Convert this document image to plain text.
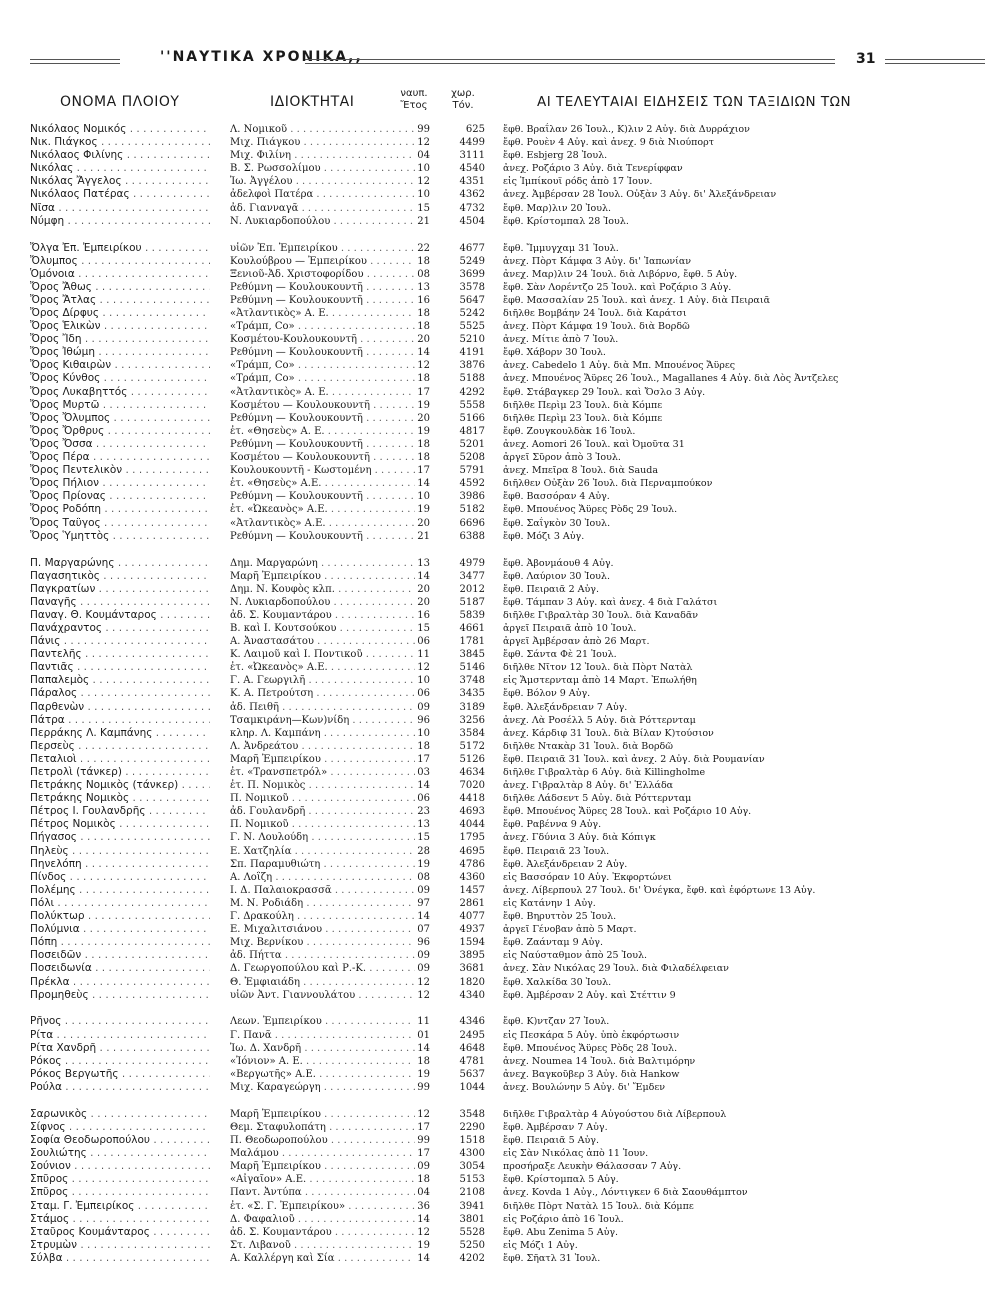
''ΝΑΥΤΙΚΑ ΧΡΟΝΙΚΑ,,	31
ΟΝΟΜΑ ΠΛΟΙΟΥ	ΙΔΙΟΚΤΗΤΑΙ
ναυπ.
Ἔτος
χωρ.
Τόν.	ΑΙ ΤΕΛΕΥΤΑΙΑΙ ΕΙΔΗΣΕΙΣ ΤΩΝ ΤΑΞΙΔΙΩΝ ΤΩΝ
Νικόλαος Νομικός . . .	Λ. Νομικοῦ . . .	99	625 ἔφθ. Βραΐλαν 26 Ἰουλ., Κ)λιν 2 Αὐγ. διὰ Δυρράχιον
Νικ. Πιάγκος . . .	Μιχ. Πιάγκου . . .	12	4499 ἔφθ. Ρουὲν 4 Αὐγ. καὶ ἀνεχ. 9 διὰ Νιούπορτ
Νικόλαος Φιλίνης . . .	Μιχ. Φιλίνη . . .	04	3111 ἔφθ. Esbjerg 28 Ἰουλ.
Νικόλας . . .	Β. Σ. Ρωσσολίμου . . .	10	4540 ἀνεχ. Ροζάριο 3 Αὐγ. διὰ Τενερίφφαν
Νικόλας Ἄγγελος . . .	Ἰω. Ἀγγέλου . . .	12	4351 εἰς Ἰμπίκουϊ ρόδς ἀπὸ 17 Ἰουν.
Νικόλαος Πατέρας . . .	ἀδελφοὶ Πατέρα . . .	10	4362 ἀνεχ. Ἀμβέρσαν 28 Ἰουλ. Οὐξὰν 3 Αὐγ. δι' Ἀλεξάνδρειαν
Νῖσα . . .	ἀδ. Γιανναγᾶ . . .	15	4732 ἔφθ. Μαρ)λιν 20 Ἰουλ.
Νύμφη . . .	Ν. Λυκιαρδοπούλου . . .	21	4504 ἔφθ. Κρίστομπαλ 28 Ἰουλ.
Ὄλγα Ἐπ. Ἐμπειρίκου . . .	υἱῶν Ἐπ. Ἐμπειρίκου . . .	22	4677 ἔφθ. Ἴμμυγχαμ 31 Ἰουλ.
Ὄλυμπος . . .	Κουλούβρου — Ἐμπειρίκου . . .	18	5249 ἀνεχ. Πὸρτ Κάμφα 3 Αὐγ. δι' Ἰαπωνίαν
Ὁμόνοια . . .	Ξενιοῦ-Ἀδ. Χριστοφορίδου . . .	08	3699 ἀνεχ. Μαρ)λιν 24 Ἰουλ. διὰ Λιβόρνο, ἔφθ. 5 Αὐγ.
Ὄρος Ἄθως . . .	Ρεθύμνη — Κουλουκουντῆ . . .	13	3578 ἔφθ. Σὰν Λορέντζο 25 Ἰουλ. καὶ Ροζάριο 3 Αὐγ.
Ὄρος Ἄτλας . . .	Ρεθύμνη — Κουλουκουντῆ . . .	16	5647 ἔφθ. Μασσαλίαν 25 Ἰουλ. καὶ ἀνεχ. 1 Αὐγ. διὰ Πειραιᾶ
Ὄρος Δίρφυς . . .	«Ἀτλαντικὸς» Α. Ε. . . .	18	5242 διῆλθε Βομβάην 24 Ἰουλ. διὰ Καράτσι
Ὄρος Ἑλικὼν . . .	«Τράμπ, Co» . . .	18	5525 ἀνεχ. Πὸρτ Κάμφα 19 Ἰουλ. διὰ Βορδῶ
Ὄρος Ἴδη . . .	Κοσμέτου-Κουλουκουντῆ . . .	20	5210 ἀνεχ. Μίτιε ἀπὸ 7 Ἰουλ.
Ὄρος Ἰθώμη . . .	Ρεθύμνη — Κουλουκουντῆ . . .	14	4191 ἔφθ. Χάβορν 30 Ἰουλ.
Ὄρος Κιθαιρὼν . . .	«Τράμπ, Co» . . .	12	3876 ἀνεχ. Cabedelo 1 Αὐγ. διὰ Μπ. Μπουένος Ἄϋρες
Ὄρος Κύνθος . . .	«Τράμπ, Co» . . .	18	5188 ἀνεχ. Μπουένος Ἄϋρες 26 Ἰουλ., Magallanes 4 Αὐγ. διὰ Λὸς Ἀντζελες
Ὄρος Λυκαβηττός . . .	«Ἀτλαντικὸς» Α. Ε. . . .	17	4292 ἔφθ. Στάβαγκερ 29 Ἰουλ. καὶ Ὄσλο 3 Αὐγ.
Ὄρος Μυρτῶ . . .	Κοσμέτου — Κουλουκουντῆ . . .	19	5558 διῆλθε Περὶμ 23 Ἰουλ. διὰ Κόμπε
Ὄρος Ὄλυμπος . . .	Ρεθύμνη — Κουλουκουντῆ . . .	20	5166 διῆλθε Περὶμ 23 Ἰουλ. διὰ Κόμπε
Ὄρος Ὄρθρυς . . .	ἐτ. «Θησεὺς» Α. Ε. . . .	19	4817 ἔφθ. Ζουγκουλδὰκ 16 Ἰουλ.
Ὄρος Ὄσσα . . .	Ρεθύμνη — Κουλουκουντῆ . . .	18	5201 ἀνεχ. Aomori 26 Ἰουλ. καὶ Ὀμοῦτα 31
Ὄρος Πέρα . . .	Κοσμέτου — Κουλουκουντῆ . . .	18	5208 ἀργεῖ Σῦρον ἀπὸ 3 Ἰουλ.
Ὄρος Πεντελικὸν . . .	Κουλουκουντῆ - Κωστομένη . . .	17	5791 ἀνεχ. Μπεῖρα 8 Ἰουλ. διὰ Sauda
Ὄρος Πήλιον . . .	ἐτ. «Θησεὺς» Α.Ε. . . .	14	4592 διῆλθεν Οὐξὰν 26 Ἰουλ. διὰ Περναμπούκον
Ὄρος Πρίονας . . .	Ρεθύμνη — Κουλουκουντῆ . . .	10	3986 ἔφθ. Βασσόραν 4 Αὐγ.
Ὄρος Ροδόπη . . .	ἐτ. «Ὠκεανὸς» Α.Ε. . . .	19	5182 ἔφθ. Μπουένος Ἄϋρες Ρὸδς 29 Ἰουλ.
Ὄρος Ταΰγος . . .	«Ἀτλαντικὸς» Α.Ε. . . .	20	6696 ἔφθ. Σαΐγκὸν 30 Ἰουλ.
Ὄρος Ὑμηττὸς . . .	Ρεθύμνη — Κουλουκουντῆ . . .	21	6388 ἔφθ. Μόζι 3 Αὐγ.
Π. Μαργαρώνης . . .	Δημ. Μαργαρώνη . . .	13	4979 ἔφθ. Ἀβονμάουθ 4 Αὐγ.
Παγασητικὸς . . .	Μαρῆ Ἐμπειρίκου . . .	14	3477 ἔφθ. Λαύριον 30 Ἰουλ.
Παγκρατίων . . .	Δημ. Ν. Κουφὸς κλπ. . . .	20	2012 ἔφθ. Πειραιᾶ 2 Αὐγ.
Παναγῆς . . .	Ν. Λυκιαρδοπούλου . . .	20	5187 ἔφθ. Τάμπαν 3 Αὐγ. καὶ ἀνεχ. 4 διὰ Γαλάτσι
Παναγ. Θ. Κουμάνταρος . . .	ἀδ. Σ. Κουμαντάρου . . .	16	5839 διῆλθε Γιβραλτὰρ 30 Ἰουλ. διὰ Καναδᾶν
Πανάχραντος . . .	Β. καὶ Ι. Κουτσούκου . . .	15	4661 ἀργεῖ Πειραιᾶ ἀπὸ 10 Ἰουλ.
Πάνις . . .	Α. Ἀναστασάτου . . .	06	1781 ἀργεῖ Ἀμβέρσαν ἀπὸ 26 Μαρτ.
Παντελῆς . . .	Κ. Λαιμοῦ καὶ Ι. Ποντικοῦ . . .	11	3845 ἔφθ. Σάντα Φὲ 21 Ἰουλ.
Παντιᾶς . . .	ἐτ. «Ὠκεανὸς» Α.Ε. . . .	12	5146 διῆλθε Νῖτον 12 Ἰουλ. διὰ Πὸρτ Νατὰλ
Παπαλεμὸς . . .	Γ. Α. Γεωργιλῆ . . .	10	3748 εἰς Ἄμστερνταμ ἀπὸ 14 Μαρτ. Ἐπωλήθη
Πάραλος . . .	Κ. Α. Πετρούτση . . .	06	3435 ἔφθ. Βόλον 9 Αὐγ.
Παρθενὼν . . .	ἀδ. Πειθῆ . . .	09	3189 ἔφθ. Ἀλεξάνδρειαν 7 Αὐγ.
Πάτρα . . .	Τσαμκιράνη—Κων)νίδη . . .	96	3256 ἀνεχ. Λὰ Ροσέλλ 5 Αὐγ. διὰ Ρόττερνταμ
Περράκης Λ. Καμπάνης . . .	κληρ. Λ. Καμπάνη . . .	10	3584 ἀνεχ. Κάρδιφ 31 Ἰουλ. διὰ Βίλαν Κ)τούσιον
Περσεὺς . . .	Λ. Ἀνδρεάτου . . .	18	5172 διῆλθε Ντακὰρ 31 Ἰουλ. διὰ Βορδῶ
Πεταλιοὶ . . .	Μαρῆ Ἐμπειρίκου . . .	17	5126 ἔφθ. Πειραιᾶ 31 Ἰουλ. καὶ ἀνεχ. 2 Αὐγ. διὰ Ρουμανίαν
Πετρολὶ (τάνκερ) . . .	ἐτ. «Τρανσπετρόλ» . . .	03	4634 διῆλθε Γιβραλτὰρ 6 Αὐγ. διὰ Killingholme
Πετράκης Νομικὸς (τάνκερ) . . .	ἐτ. Π. Νομικὸς . . .	14	7020 ἀνεχ. Γιβραλτὰρ 8 Αὐγ. δι' Ἑλλάδα
Πετράκης Νομικὸς . . .	Π. Νομικοῦ . . .	06	4418 διῆλθε Λάδσεντ 5 Αὐγ. διὰ Ρόττερνταμ
Πέτρος Ι. Γουλανδρῆς . . .	ἀδ. Γουλανδρῆ . . .	23	4693 ἔφθ. Μπουένος Ἄϋρες 28 Ἰουλ. καὶ Ροζάριο 10 Αὐγ.
Πέτρος Νομικὸς . . .	Π. Νομικοῦ . . .	13	4044 ἔφθ. Ραβέννα 9 Αὐγ.
Πήγασος . . .	Γ. Ν. Λουλούδη . . .	15	1795 ἀνεχ. Γδύνια 3 Αὐγ. διὰ Κόπιγκ
Πηλεὺς . . .	Ε. Χατζηλία . . .	28	4695 ἔφθ. Πειραιᾶ 23 Ἰουλ.
Πηνελόπη . . .	Σπ. Παραμυθιώτη . . .	19	4786 ἔφθ. Ἀλεξάνδρειαν 2 Αὐγ.
Πίνδος . . .	Α. Λοΐζη . . .	08	4360 εἰς Βασσόραν 10 Αὐγ. Ἐκφορτώνει
Πολέμης . . .	Ι. Δ. Παλαιοκρασσᾶ . . .	09	1457 ἀνεχ. Λίβερπουλ 27 Ἰουλ. δι' Ὀνέγκα, ἔφθ. καὶ ἐφόρτωνε 13 Αὐγ.
Πόλι . . .	Μ. Ν. Ροδιάδη . . .	97	2861 εἰς Κατάνην 1 Αὐγ.
Πολύκτωρ . . .	Γ. Δρακούλη . . .	14	4077 ἔφθ. Βηρυττὸν 25 Ἰουλ.
Πολύμνια . . .	Ε. Μιχαλιτσιάνου . . .	07	4937 ἀργεῖ Γένοβαν ἀπὸ 5 Μαρτ.
Πόπη . . .	Μιχ. Βερνίκου . . .	96	1594 ἔφθ. Ζαάνταμ 9 Αὐγ.
Ποσειδῶν . . .	ἀδ. Πήττα . . .	09	3895 εἰς Ναύσταθμον ἀπὸ 25 Ἰουλ.
Ποσειδωνία . . .	Δ. Γεωργοπούλου καὶ Ρ.-Κ. . . .	09	3681 ἀνεχ. Σὰν Νικόλας 29 Ἰουλ. διὰ Φιλαδέλφειαν
Πρέκλα . . .	Θ. Ἐμφιαιάδη . . .	12	1820 ἔφθ. Χαλκίδα 30 Ἰουλ.
Προμηθεὺς . . .	υἱῶν Ἀντ. Γιαννουλάτου . . .	12	4340 ἔφθ. Ἀμβέρσαν 2 Αὐγ. καὶ Στέττιν 9
Ρῆνος . . .	Λεων. Ἐμπειρίκου . . .	11	4346 ἔφθ. Κ)ντζαν 27 Ἰουλ.
Ρίτα . . .	Γ. Πανᾶ . . .	01	2495 εἰς Πεσκάρα 5 Αὐγ. ὑπὸ ἐκφόρτωσιν
Ρίτα Χανδρῆ . . .	Ἰω. Δ. Χανδρῆ . . .	14	4648 ἔφθ. Μπουένος Ἄϋρες Ρὸδς 28 Ἰουλ.
Ρόκος . . .	«Ἰόνιον» Α. Ε. . . .	18	4781 ἀνεχ. Noumea 14 Ἰουλ. διὰ Βαλτιμόρην
Ρόκος Βεργωτῆς . . .	«Βεργωτῆς» Α.Ε. . . .	19	5637 ἀνεχ. Βαγκοῦβερ 3 Αὐγ. διὰ Hankow
Ρούλα . . .	Μιχ. Καραγεώργη . . .	99	1044 ἀνεχ. Βουλώνην 5 Αὐγ. δι' Ἔμδεν
Σαρωνικὸς . . .	Μαρῆ Ἐμπειρίκου . . .	12	3548 διῆλθε Γιβραλτὰρ 4 Αὐγούστου διὰ Λίβερπουλ
Σίφνος . . .	Θεμ. Σταφυλοπάτη . . .	17	2290 ἔφθ. Ἀμβέρσαν 7 Αὐγ.
Σοφία Θεοδωροπούλου . . .	Π. Θεοδωροπούλου . . .	99	1518 ἔφθ. Πειραιᾶ 5 Αὐγ.
Σουλιώτης . . .	Μαλάμου . . .	17	4300 εἰς Σὰν Νικόλας ἀπὸ 11 Ἰουν.
Σούνιον . . .	Μαρῆ Ἐμπειρίκου . . .	09	3054 προσήραξε Λευκὴν Θάλασσαν 7 Αὐγ.
Σπῦρος . . .	«Αἰγαῖον» Α.Ε. . . .	18	5153 ἔφθ. Κρίστομπαλ 5 Αὐγ.
Σπῦρος . . .	Παντ. Ἀντύπα . . .	04	2108 ἀνεχ. Kovda 1 Αὐγ., Λόντιγκεν 6 διὰ Σαουθάμπτον
Σταμ. Γ. Ἐμπειρίκος . . .	ἐτ. «Σ. Γ. Ἐμπειρίκου» . . .	36	3941 διῆλθε Πὸρτ Νατὰλ 15 Ἰουλ. διὰ Κόμπε
Στάμος . . .	Δ. Φαφαλιοῦ . . .	14	3801 εἰς Ροζάριο ἀπὸ 16 Ἰουλ.
Σταῦρος Κουμάνταρος . . .	ἀδ. Σ. Κουμαντάρου . . .	12	5528 ἔφθ. Abu Zenima 5 Αὐγ.
Στρυμὼν . . .	Στ. Λιβανοῦ . . .	19	5250 εἰς Μόζι 1 Αὐγ.
Σύλβα . . .	Α. Καλλέργη καὶ Σία . . .	14	4202 ἔφθ. Σῆατλ 31 Ἰουλ.
